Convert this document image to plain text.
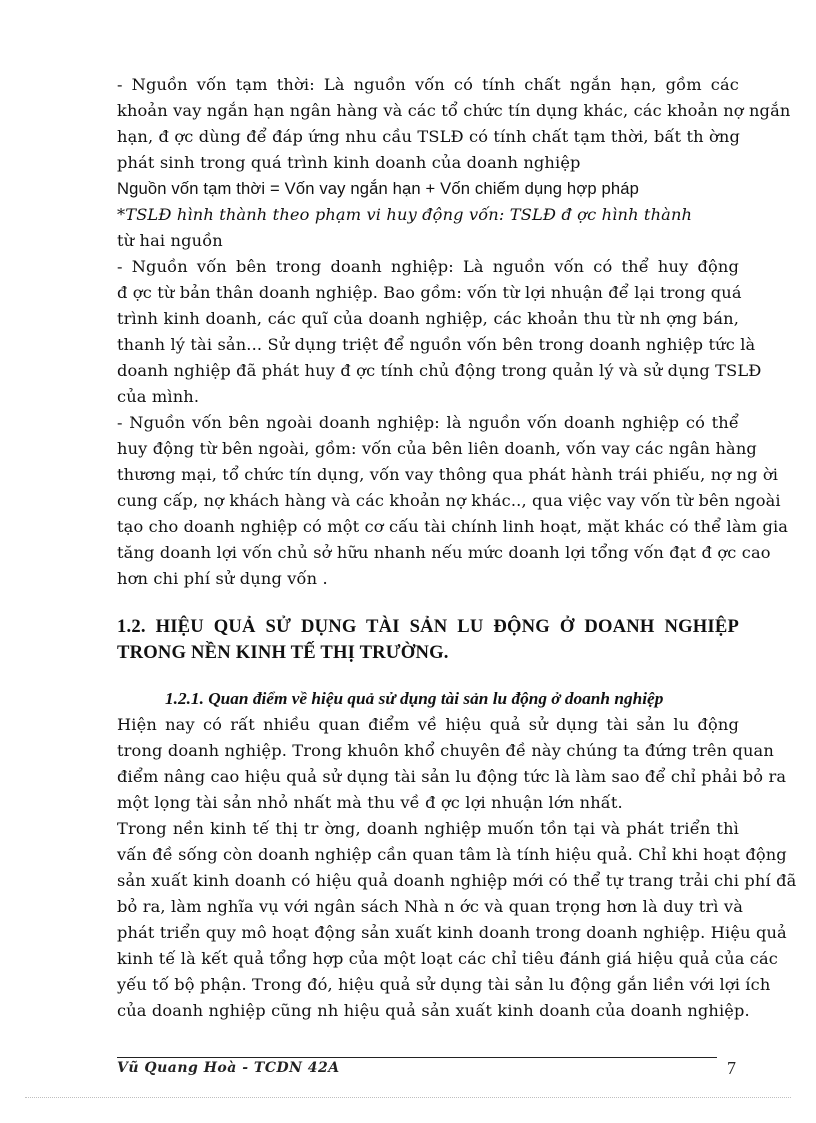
- Nguồn vốn tạm thời: Là nguồn vốn có tính chất ngắn hạn, gồm các
khoản vay ngắn hạn ngân hàng và các tổ chức tín dụng khác, các khoản nợ ngắn
hạn, đ ợc dùng để đáp ứng nhu cầu TSLĐ có tính chất tạm thời, bất th ờng
phát sinh trong quá trình kinh doanh của doanh nghiệp
Nguồn vốn tạm thời = Vốn vay ngắn hạn + Vốn chiếm dụng hợp pháp
*TSLĐ hình thành theo phạm vi huy động vốn: TSLĐ đ ợc hình thành
từ hai nguồn
- Nguồn vốn bên trong doanh nghiệp: Là nguồn vốn có thể huy động
đ ợc từ bản thân doanh nghiệp. Bao gồm: vốn từ lợi nhuận để lại trong quá
trình kinh doanh, các quĩ của doanh nghiệp, các khoản thu từ nh ợng bán,
thanh lý tài sản... Sử dụng triệt để nguồn vốn bên trong doanh nghiệp tức là
doanh nghiệp đã phát huy đ ợc tính chủ động trong quản lý và sử dụng TSLĐ
của mình.
- Nguồn vốn bên ngoài doanh nghiệp: là nguồn vốn doanh nghiệp có thể
huy động từ bên ngoài, gồm: vốn của bên liên doanh, vốn vay các ngân hàng
thương mại, tổ chức tín dụng, vốn vay thông qua phát hành trái phiếu, nợ ng ời
cung cấp, nợ khách hàng và các khoản nợ khác.., qua việc vay vốn từ bên ngoài
tạo cho doanh nghiệp có một cơ cấu tài chính linh hoạt, mặt khác có thể làm gia
tăng doanh lợi vốn chủ sở hữu nhanh nếu mức doanh lợi tổng vốn đạt đ ợc cao
hơn chi phí sử dụng vốn .
1.2. HIỆU QUẢ SỬ DỤNG TÀI SẢN LU ĐỘNG Ở DOANH NGHIỆP
TRONG NỀN KINH TẾ THỊ TRƯỜNG.
1.2.1. Quan điểm về hiệu quả sử dụng tài sản lu động ở doanh nghiệp
Hiện nay có rất nhiều quan điểm về hiệu quả sử dụng tài sản lu động
trong doanh nghiệp. Trong khuôn khổ chuyên đề này chúng ta đứng trên quan
điểm nâng cao hiệu quả sử dụng tài sản lu động tức là làm sao để chỉ phải bỏ ra
một lọng tài sản nhỏ nhất mà thu về đ ợc lợi nhuận lớn nhất.
Trong nền kinh tế thị tr ờng, doanh nghiệp muốn tồn tại và phát triển thì
vấn đề sống còn doanh nghiệp cần quan tâm là tính hiệu quả. Chỉ khi hoạt động
sản xuất kinh doanh có hiệu quả doanh nghiệp mới có thể tự trang trải chi phí đã
bỏ ra, làm nghĩa vụ với ngân sách Nhà n ớc và quan trọng hơn là duy trì và
phát triển quy mô hoạt động sản xuất kinh doanh trong doanh nghiệp. Hiệu quả
kinh tế là kết quả tổng hợp của một loạt các chỉ tiêu đánh giá hiệu quả của các
yếu tố bộ phận. Trong đó, hiệu quả sử dụng tài sản lu động gắn liền với lợi ích
của doanh nghiệp cũng nh hiệu quả sản xuất kinh doanh của doanh nghiệp.
Vũ Quang Hoà - TCDN 42A	7
